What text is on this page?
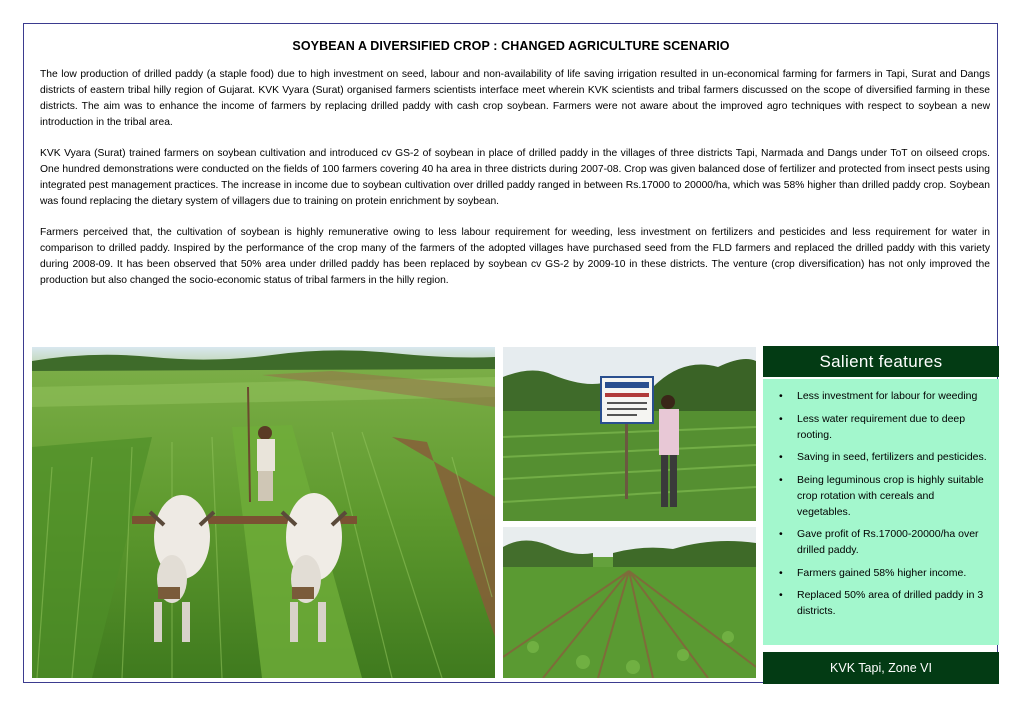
SOYBEAN A DIVERSIFIED CROP : CHANGED AGRICULTURE SCENARIO

The low production of drilled paddy (a staple food) due to high investment on seed, labour and non-availability of life saving irrigation resulted in un-economical farming for farmers in Tapi, Surat and Dangs districts of eastern tribal hilly region of Gujarat. KVK Vyara (Surat) organised farmers scientists interface meet wherein KVK scientists and tribal farmers discussed on the scope of diversified farming in these districts. The aim was to enhance the income of farmers by replacing drilled paddy with cash crop soybean. Farmers were not aware about the improved agro techniques with respect to soybean a new introduction in the tribal area.

KVK Vyara (Surat) trained farmers on soybean cultivation and introduced cv GS-2 of soybean in place of drilled paddy in the villages of three districts Tapi, Narmada and Dangs under ToT on oilseed crops. One hundred demonstrations were conducted on the fields of 100 farmers covering 40 ha area in three districts during 2007-08. Crop was given balanced dose of fertilizer and protected from insect pests using integrated pest management practices. The increase in income due to soybean cultivation over drilled paddy ranged in between Rs.17000 to 20000/ha, which was 58% higher than drilled paddy crop. Soybean was found replacing the dietary system of villagers due to training on protein enrichment by soybean.

Farmers perceived that, the cultivation of soybean is highly remunerative owing to less labour requirement for weeding, less investment on fertilizers and pesticides and less requirement for water in comparison to drilled paddy. Inspired by the performance of the crop many of the farmers of the adopted villages have purchased seed from the FLD farmers and replaced the drilled paddy with this variety during 2008-09. It has been observed that 50% area under drilled paddy has been replaced by soybean cv GS-2 by 2009-10 in these districts. The venture (crop diversification) has not only improved the production but also changed the socio-economic status of tribal farmers in the hilly region.

Salient features
• Less investment for labour for weeding
• Less water requirement due to deep rooting.
• Saving in seed, fertilizers and pesticides.
• Being leguminous crop is highly suitable crop rotation with cereals and vegetables.
• Gave profit of Rs.17000-20000/ha over drilled paddy.
• Farmers gained 58% higher income.
• Replaced 50% area of drilled paddy in 3 districts.
KVK Tapi, Zone VI
